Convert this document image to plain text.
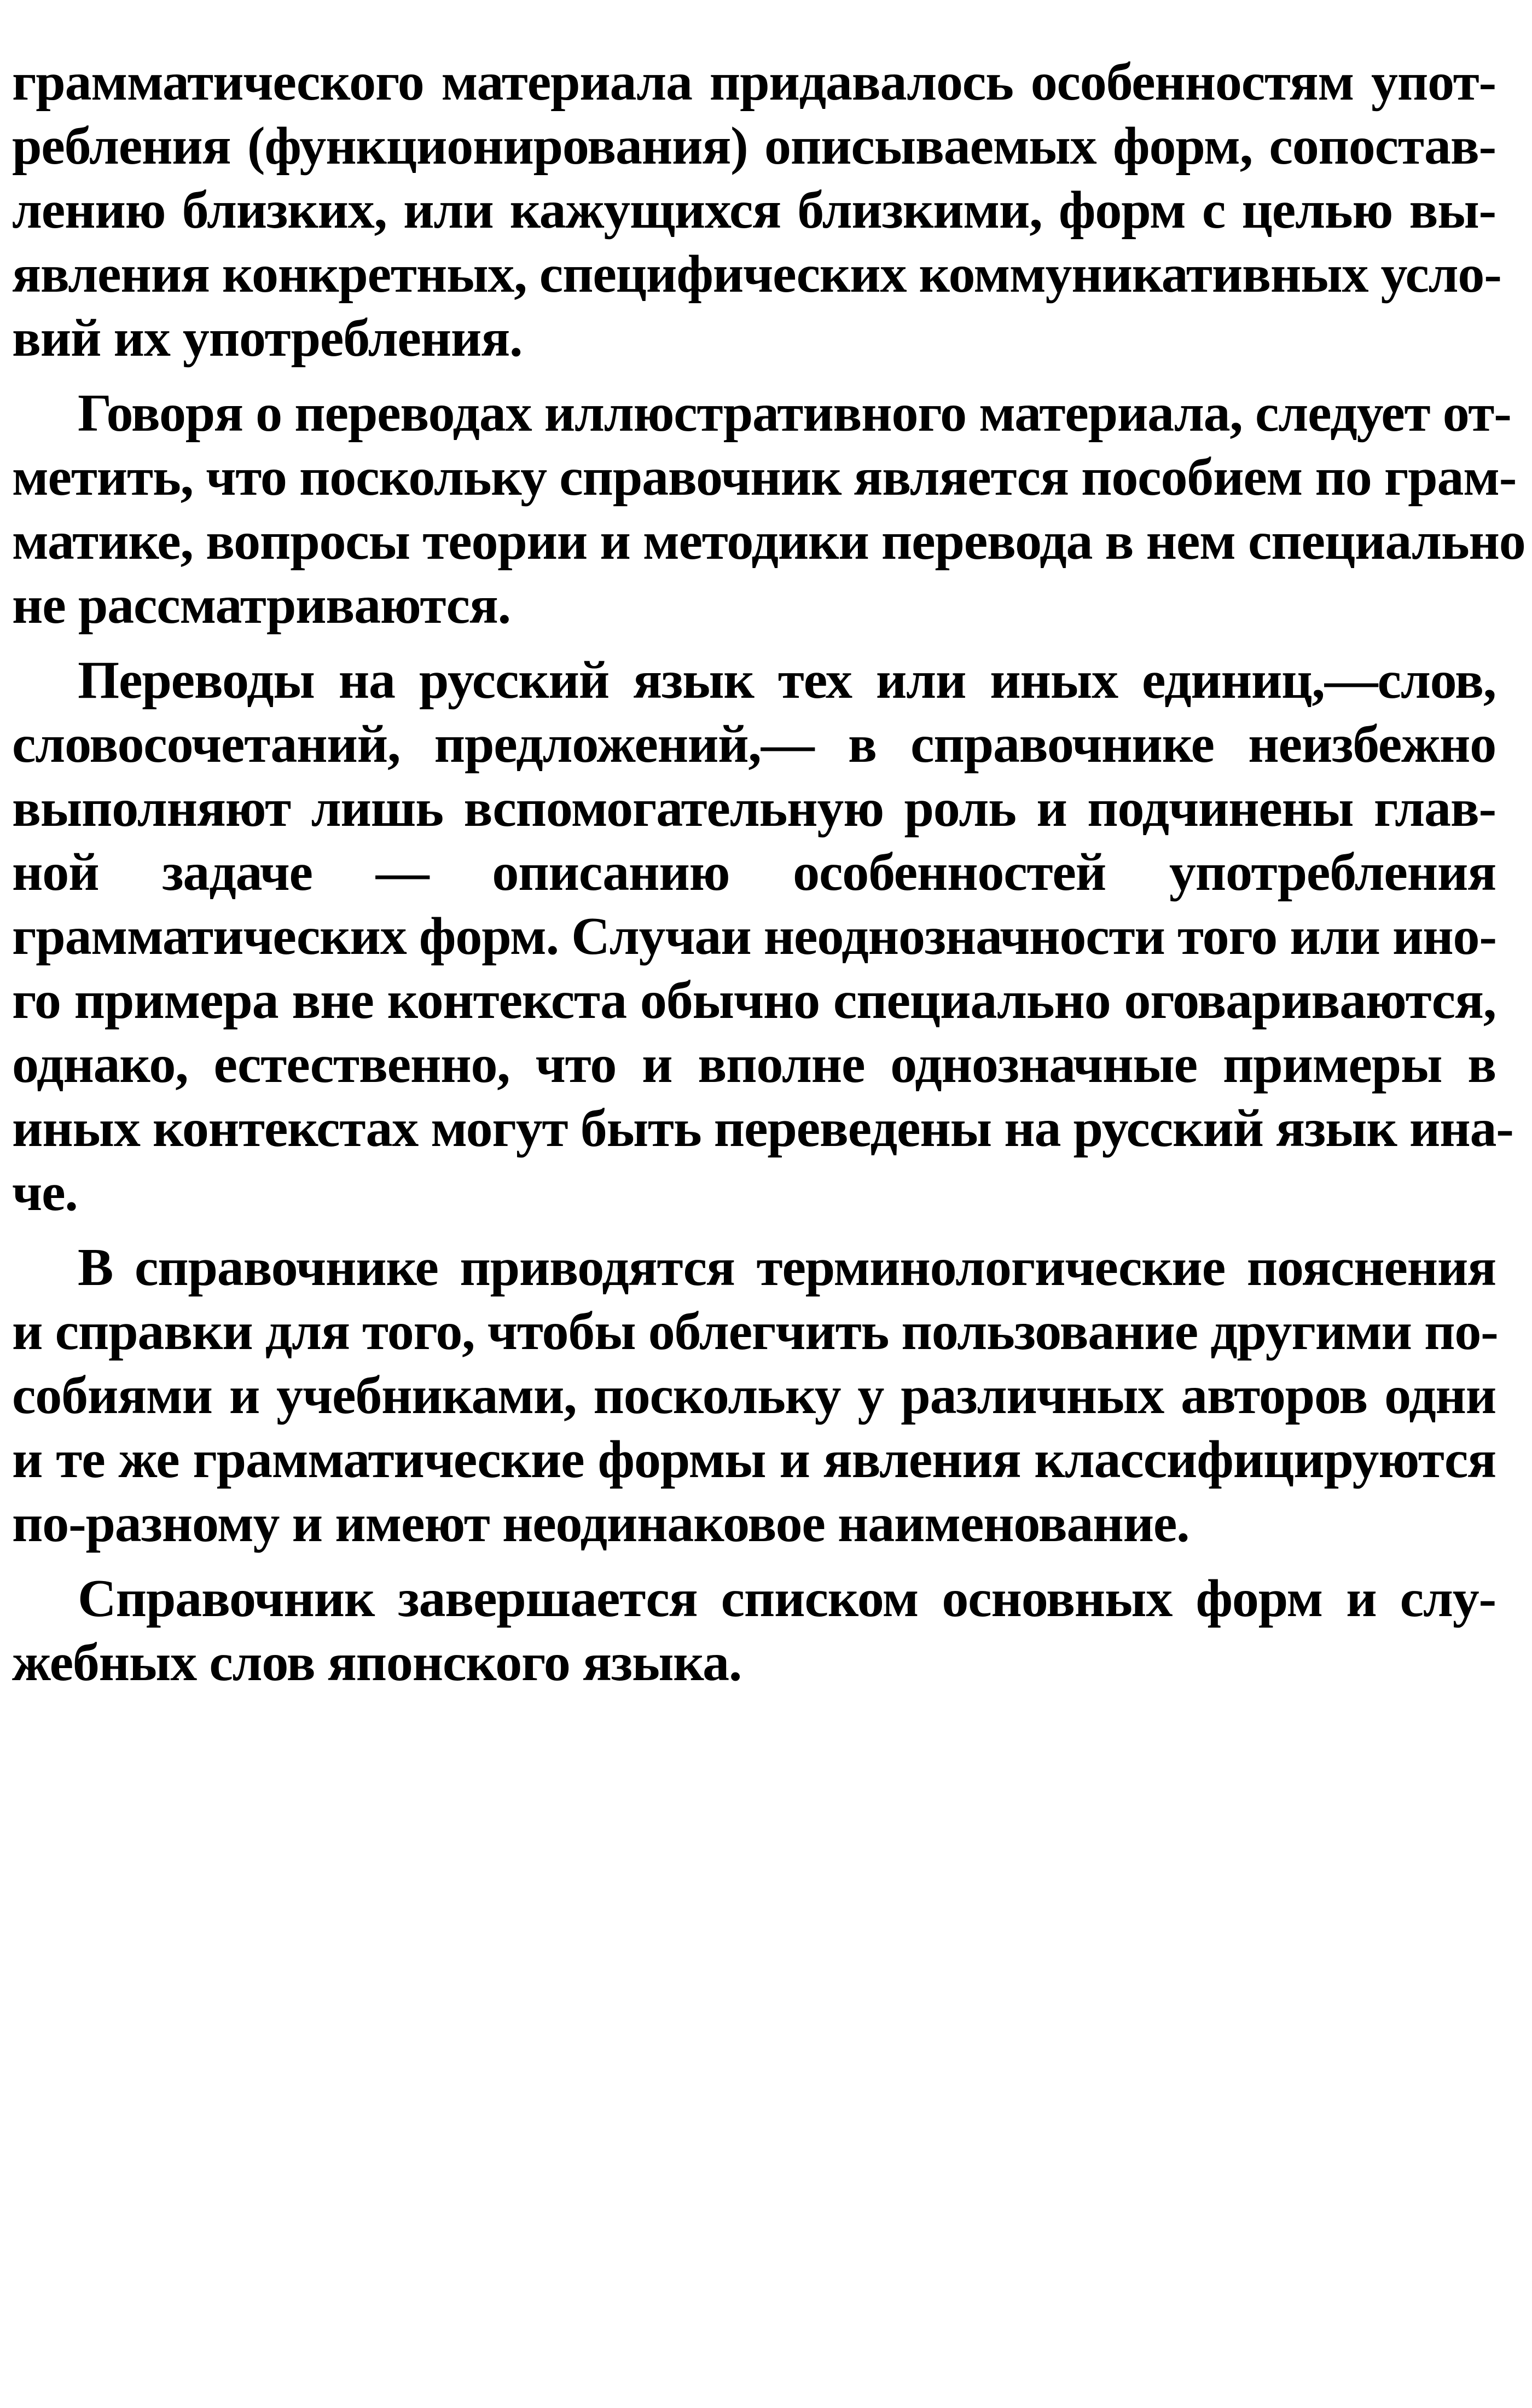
грамматического материала придавалось особенностям упот-
ребления (функционирования) описываемых форм, сопостав-
лению близких, или кажущихся близкими, форм с целью вы-
явления конкретных, специфических коммуникативных усло-
вий их употребления.
Говоря о переводах иллюстративного материала, следует от-
метить, что поскольку справочник является пособием по грам-
матике, вопросы теории и методики перевода в нем специально
не рассматриваются.
Переводы на русский язык тех или иных единиц,—слов,
словосочетаний, предложений,— в справочнике неизбежно
выполняют лишь вспомогательную роль и подчинены глав-
ной задаче — описанию особенностей употребления
грамматических форм. Случаи неоднозначности того или ино-
го примера вне контекста обычно специально оговариваются,
однако, естественно, что и вполне однозначные примеры в
иных контекстах могут быть переведены на русский язык ина-
че.
В справочнике приводятся терминологические пояснения
и справки для того, чтобы облегчить пользование другими по-
собиями и учебниками, поскольку у различных авторов одни
и те же грамматические формы и явления классифицируются
по-разному и имеют неодинаковое наименование.
Справочник завершается списком основных форм и слу-
жебных слов японского языка.
